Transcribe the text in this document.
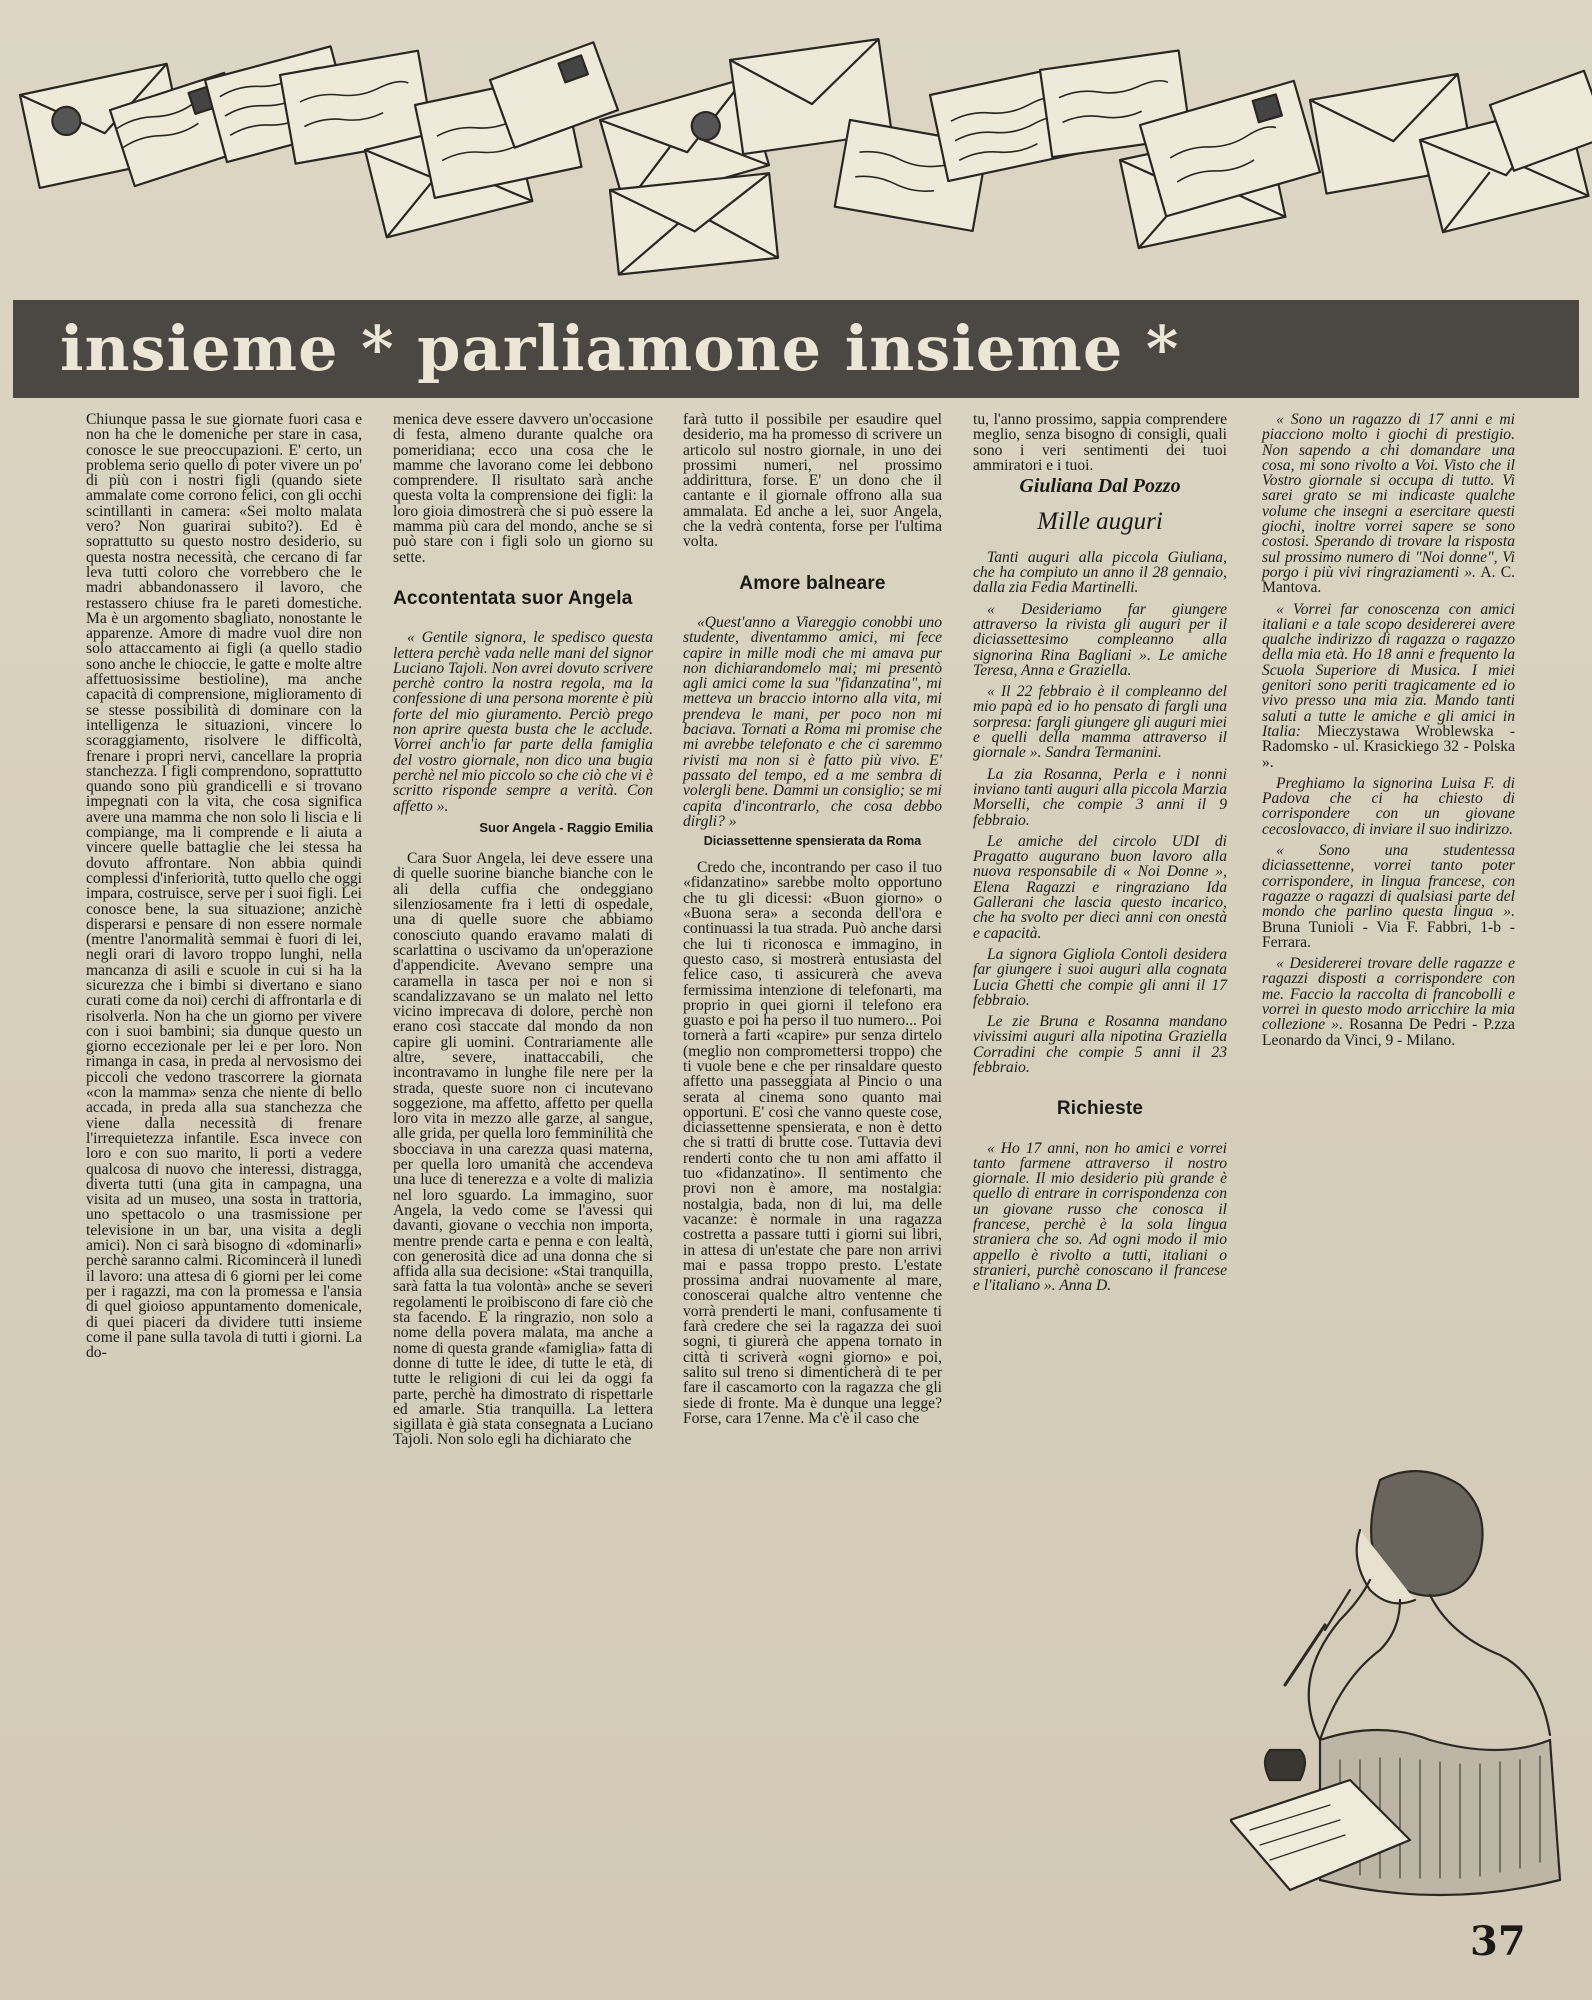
insieme * parliamone insieme *

Chiunque passa le sue giornate fuori casa e non ha che le domeniche per stare in casa, conosce le sue preoccupazioni. E' certo, un problema serio quello di poter vivere un po' di più con i nostri figli (quando siete ammalate come corrono felici, con gli occhi scintillanti in camera: «Sei molto malata vero? Non guarirai subito?). Ed è soprattutto su questo nostro desiderio, su questa nostra necessità, che cercano di far leva tutti coloro che vorrebbero che le madri abbandonassero il lavoro, che restassero chiuse fra le pareti domestiche. Ma è un argomento sbagliato, nonostante le apparenze. Amore di madre vuol dire non solo attaccamento ai figli (a quello stadio sono anche le chioccie, le gatte e molte altre affettuosissime bestioline), ma anche capacità di comprensione, miglioramento di se stesse possibilità di dominare con la intelligenza le situazioni, vincere lo scoraggiamento, risolvere le difficoltà, frenare i propri nervi, cancellare la propria stanchezza. I figli comprendono, soprattutto quando sono più grandicelli e si trovano impegnati con la vita, che cosa significa avere una mamma che non solo li liscia e li compiange, ma li comprende e li aiuta a vincere quelle battaglie che lei stessa ha dovuto affrontare. Non abbia quindi complessi d'inferiorità, tutto quello che oggi impara, costruisce, serve per i suoi figli. Lei conosce bene, la sua situazione; anzichè disperarsi e pensare di non essere normale (mentre l'anormalità semmai è fuori di lei, negli orari di lavoro troppo lunghi, nella mancanza di asili e scuole in cui si ha la sicurezza che i bimbi si divertano e siano curati come da noi) cerchi di affrontarla e di risolverla. Non ha che un giorno per vivere con i suoi bambini; sia dunque questo un giorno eccezionale per lei e per loro. Non rimanga in casa, in preda al nervosismo dei piccoli che vedono trascorrere la giornata «con la mamma» senza che niente di bello accada, in preda alla sua stanchezza che viene dalla necessità di frenare l'irrequietezza infantile. Esca invece con loro e con suo marito, li porti a vedere qualcosa di nuovo che interessi, distragga, diverta tutti (una gita in campagna, una visita ad un museo, una sosta in trattoria, uno spettacolo o una trasmissione per televisione in un bar, una visita a degli amici). Non ci sarà bisogno di «dominarli» perchè saranno calmi. Ricomincerà il lunedì il lavoro: una attesa di 6 giorni per lei come per i ragazzi, ma con la promessa e l'ansia di quel gioioso appuntamento domenicale, di quei piaceri da dividere tutti insieme come il pane sulla tavola di tutti i giorni. La do-

menica deve essere davvero un'occasione di festa, almeno durante qualche ora pomeridiana; ecco una cosa che le mamme che lavorano come lei debbono comprendere. Il risultato sarà anche questa volta la comprensione dei figli: la loro gioia dimostrerà che si può essere la mamma più cara del mondo, anche se si può stare con i figli solo un giorno su sette.

Accontentata suor Angela

« Gentile signora, le spedisco questa lettera perchè vada nelle mani del signor Luciano Tajoli. Non avrei dovuto scrivere perchè contro la nostra regola, ma la confessione di una persona morente è più forte del mio giuramento. Perciò prego non aprire questa busta che le acclude. Vorrei anch'io far parte della famiglia del vostro giornale, non dico una bugia perchè nel mio piccolo so che ciò che vi è scritto risponde sempre a verità. Con affetto ».

Suor Angela - Raggio Emilia

Cara Suor Angela, lei deve essere una di quelle suorine bianche bianche con le ali della cuffia che ondeggiano silenziosamente fra i letti di ospedale, una di quelle suore che abbiamo conosciuto quando eravamo malati di scarlattina o uscivamo da un'operazione d'appendicite. Avevano sempre una caramella in tasca per noi e non si scandalizzavano se un malato nel letto vicino imprecava di dolore, perchè non erano così staccate dal mondo da non capire gli uomini. Contrariamente alle altre, severe, inattaccabili, che incontravamo in lunghe file nere per la strada, queste suore non ci incutevano soggezione, ma affetto, affetto per quella loro vita in mezzo alle garze, al sangue, alle grida, per quella loro femminilità che sbocciava in una carezza quasi materna, per quella loro umanità che accendeva una luce di tenerezza e a volte di malizia nel loro sguardo. La immagino, suor Angela, la vedo come se l'avessi qui davanti, giovane o vecchia non importa, mentre prende carta e penna e con lealtà, con generosità dice ad una donna che si affida alla sua decisione: «Stai tranquilla, sarà fatta la tua volontà» anche se severi regolamenti le proibiscono di fare ciò che sta facendo. E la ringrazio, non solo a nome della povera malata, ma anche a nome di questa grande «famiglia» fatta di donne di tutte le idee, di tutte le età, di tutte le religioni di cui lei da oggi fa parte, perchè ha dimostrato di rispettarle ed amarle. Stia tranquilla. La lettera sigillata è già stata consegnata a Luciano Tajoli. Non solo egli ha dichiarato che

farà tutto il possibile per esaudire quel desiderio, ma ha promesso di scrivere un articolo sul nostro giornale, in uno dei prossimi numeri, nel prossimo addirittura, forse. E' un dono che il cantante e il giornale offrono alla sua ammalata. Ed anche a lei, suor Angela, che la vedrà contenta, forse per l'ultima volta.

Amore balneare

«Quest'anno a Viareggio conobbi uno studente, diventammo amici, mi fece capire in mille modi che mi amava pur non dichiarandomelo mai; mi presentò agli amici come la sua "fidanzatina", mi metteva un braccio intorno alla vita, mi prendeva le mani, per poco non mi baciava. Tornati a Roma mi promise che mi avrebbe telefonato e che ci saremmo rivisti ma non si è fatto più vivo. E' passato del tempo, ed a me sembra di volergli bene. Dammi un consiglio; se mi capita d'incontrarlo, che cosa debbo dirgli? »

Diciassettenne spensierata da Roma

Credo che, incontrando per caso il tuo «fidanzatino» sarebbe molto opportuno che tu gli dicessi: «Buon giorno» o «Buona sera» a seconda dell'ora e continuassi la tua strada. Può anche darsi che lui ti riconosca e immagino, in questo caso, si mostrerà entusiasta del felice caso, ti assicurerà che aveva fermissima intenzione di telefonarti, ma proprio in quei giorni il telefono era guasto e poi ha perso il tuo numero... Poi tornerà a farti «capire» pur senza dirtelo (meglio non compromettersi troppo) che ti vuole bene e che per rinsaldare questo affetto una passeggiata al Pincio o una serata al cinema sono quanto mai opportuni. E' così che vanno queste cose, diciassettenne spensierata, e non è detto che si tratti di brutte cose. Tuttavia devi renderti conto che tu non ami affatto il tuo «fidanzatino». Il sentimento che provi non è amore, ma nostalgia: nostalgia, bada, non di lui, ma delle vacanze: è normale in una ragazza costretta a passare tutti i giorni sui libri, in attesa di un'estate che pare non arrivi mai e passa troppo presto. L'estate prossima andrai nuovamente al mare, conoscerai qualche altro ventenne che vorrà prenderti le mani, confusamente ti farà credere che sei la ragazza dei suoi sogni, ti giurerà che appena tornato in città ti scriverà «ogni giorno» e poi, salito sul treno si dimenticherà di te per fare il cascamorto con la ragazza che gli siede di fronte. Ma è dunque una legge? Forse, cara 17enne. Ma c'è il caso che

tu, l'anno prossimo, sappia comprendere meglio, senza bisogno di consigli, quali sono i veri sentimenti dei tuoi ammiratori e i tuoi.

Giuliana Dal Pozzo
Mille auguri

Tanti auguri alla piccola Giuliana, che ha compiuto un anno il 28 gennaio, dalla zia Fedia Martinelli.

« Desideriamo far giungere attraverso la rivista gli auguri per il diciassettesimo compleanno alla signorina Rina Bagliani ». Le amiche Teresa, Anna e Graziella.

« Il 22 febbraio è il compleanno del mio papà ed io ho pensato di fargli una sorpresa: fargli giungere gli auguri miei e quelli della mamma attraverso il giornale ». Sandra Termanini.

La zia Rosanna, Perla e i nonni inviano tanti auguri alla piccola Marzia Morselli, che compie 3 anni il 9 febbraio.

Le amiche del circolo UDI di Pragatto augurano buon lavoro alla nuova responsabile di « Noi Donne », Elena Ragazzi e ringraziano Ida Gallerani che lascia questo incarico, che ha svolto per dieci anni con onestà e capacità.

La signora Gigliola Contoli desidera far giungere i suoi auguri alla cognata Lucia Ghetti che compie gli anni il 17 febbraio.

Le zie Bruna e Rosanna mandano vivissimi auguri alla nipotina Graziella Corradini che compie 5 anni il 23 febbraio.

Richieste

« Ho 17 anni, non ho amici e vorrei tanto farmene attraverso il nostro giornale. Il mio desiderio più grande è quello di entrare in corrispondenza con un giovane russo che conosca il francese, perchè è la sola lingua straniera che so. Ad ogni modo il mio appello è rivolto a tutti, italiani o stranieri, purchè conoscano il francese e l'italiano ». Anna D.

« Sono un ragazzo di 17 anni e mi piacciono molto i giochi di prestigio. Non sapendo a chi domandare una cosa, mi sono rivolto a Voi. Visto che il Vostro giornale si occupa di tutto. Vi sarei grato se mi indicaste qualche volume che insegni a esercitare questi giochi, inoltre vorrei sapere se sono costosi. Sperando di trovare la risposta sul prossimo numero di "Noi donne", Vi porgo i più vivi ringraziamenti ». A. C. Mantova.

« Vorrei far conoscenza con amici italiani e a tale scopo desidererei avere qualche indirizzo di ragazza o ragazzo della mia età. Ho 18 anni e frequento la Scuola Superiore di Musica. I miei genitori sono periti tragicamente ed io vivo presso una mia zia. Mando tanti saluti a tutte le amiche e gli amici in Italia: Mieczystawa Wroblewska - Radomsko - ul. Krasickiego 32 - Polska ».

Preghiamo la signorina Luisa F. di Padova che ci ha chiesto di corrispondere con un giovane cecoslovacco, di inviare il suo indirizzo.

« Sono una studentessa diciassettenne, vorrei tanto poter corrispondere, in lingua francese, con ragazze o ragazzi di qualsiasi parte del mondo che parlino questa lingua ». Bruna Tunioli - Via F. Fabbri, 1-b - Ferrara.

« Desidererei trovare delle ragazze e ragazzi disposti a corrispondere con me. Faccio la raccolta di francobolli e vorrei in questo modo arricchire la mia collezione ». Rosanna De Pedri - P.zza Leonardo da Vinci, 9 - Milano.

37
